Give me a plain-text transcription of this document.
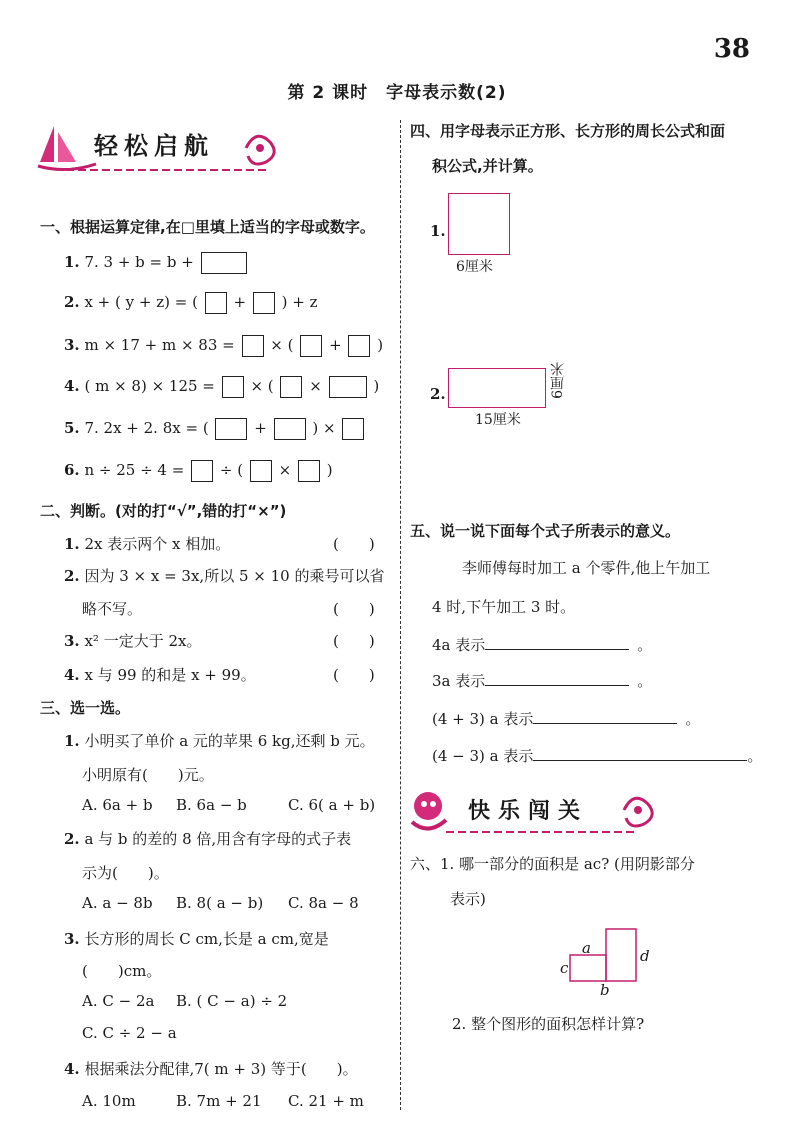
38
第 2 课时　字母表示数(2)
轻松启航
一、根据运算定律,在□里填上适当的字母或数字。
1. 7. 3 + b = b +
2. x + ( y + z) = ( + ) + z
3. m × 17 + m × 83 = × ( + )
4. ( m × 8) × 125 = × ( ×	)
5. 7. 2x + 2. 8x = (	+	) ×
6. n ÷ 25 ÷ 4 = ÷ ( × )
二、判断。(对的打“√”,错的打“×”)
1. 2x 表示两个 x 相加。	(　　)
2. 因为 3 × x = 3x,所以 5 × 10 的乘号可以省
略不写。	(　　)
3. x² 一定大于 2x。	(　　)
4. x 与 99 的和是 x + 99。	(　　)
三、选一选。
1. 小明买了单价 a 元的苹果 6 kg,还剩 b 元。
小明原有(　　)元。
A. 6a + b B. 6a − b	C. 6( a + b)
2. a 与 b 的差的 8 倍,用含有字母的式子表
示为(　　)。
A. a − 8b B. 8( a − b) C. 8a − 8
3. 长方形的周长 C cm,长是 a cm,宽是
(　　)cm。
A. C − 2a B. ( C − a) ÷ 2
C. C ÷ 2 − a
4. 根据乘法分配律,7( m + 3) 等于(　　)。
A. 10m	B. 7m + 21 C. 21 + m
四、用字母表示正方形、长方形的周长公式和面
积公式,并计算。
1.
6厘米
2.
15厘米
6厘米
五、说一说下面每个式子所表示的意义。
李师傅每时加工 a 个零件,他上午加工
4 时,下午加工 3 时。
4a 表示	。
3a 表示	。
(4 + 3) a 表示	。
(4 − 3) a 表示	。
快乐闯关
六、1. 哪一部分的面积是 ac? (用阴影部分
表示)
a
c
d
b
2. 整个图形的面积怎样计算?
